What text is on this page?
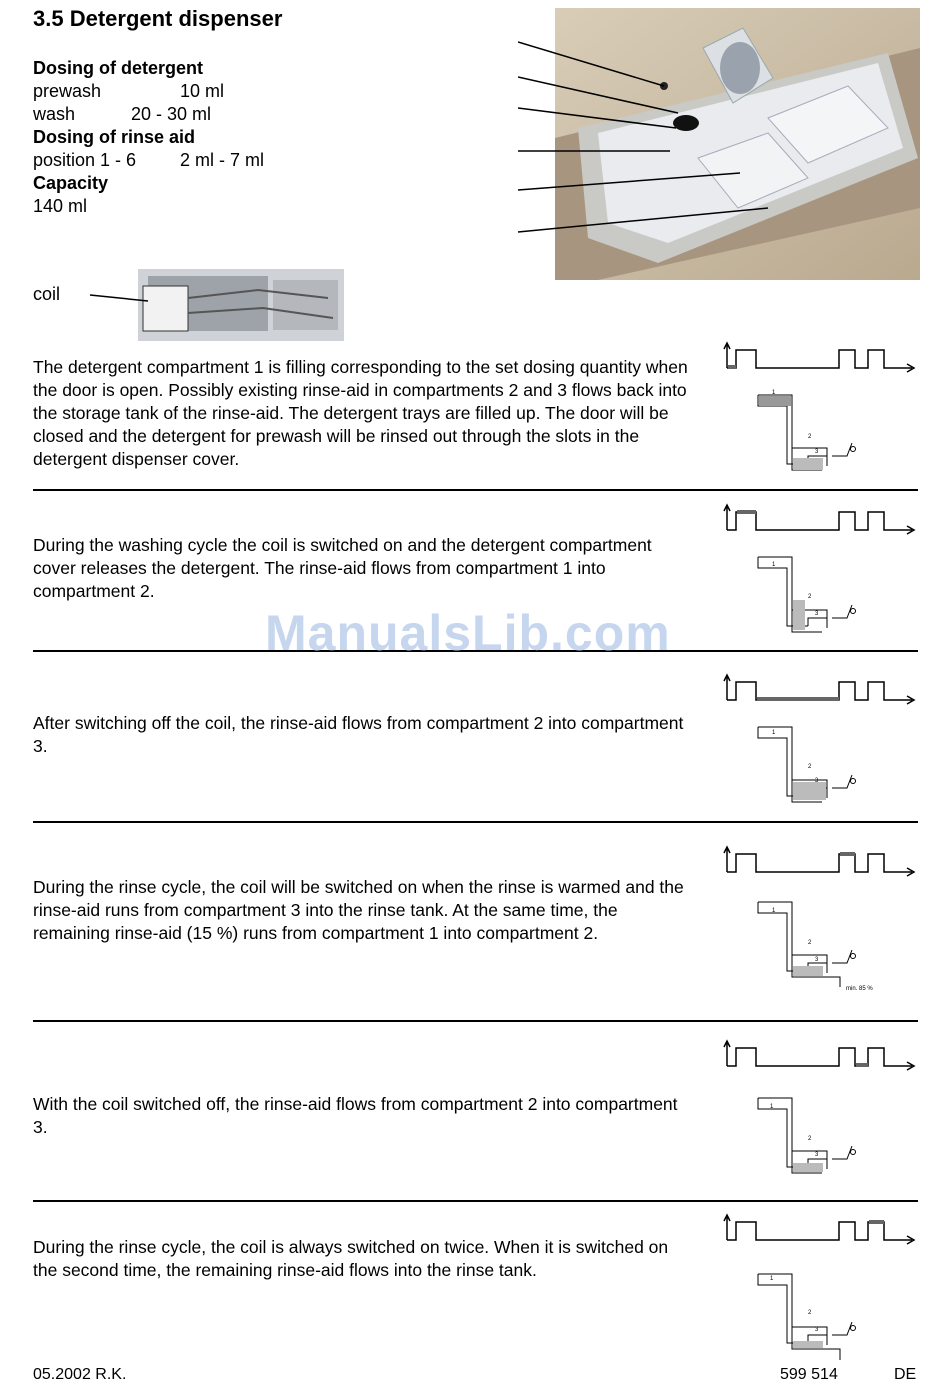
3.5 Detergent dispenser
Dosing of detergent
prewash	10 ml
wash	20 - 30 ml
Dosing of rinse aid
position 1 - 6 2 ml - 7 ml
Capacity
140 ml
coil
The detergent compartment 1 is filling corresponding to the set dosing quantity when the door is open. Possibly existing rinse-aid in compartments 2 and 3 flows back into the storage tank of the rinse-aid. The detergent trays are filled up. The door will be closed and the detergent for prewash will be rinsed out through the slots in the detergent dispenser cover.
During the washing cycle the coil is switched on and the detergent compartment cover releases the detergent. The rinse-aid flows from compartment 1 into compartment 2.
After switching off the coil, the rinse-aid flows from compartment 2 into compartment 3.
During the rinse cycle, the coil will be switched on when the rinse is warmed and the rinse-aid runs from compartment 3 into the rinse tank. At the same time, the remaining rinse-aid (15 %) runs from compartment 1 into compartment 2.
With the coil switched off, the rinse-aid flows from compartment 2 into compartment 3.
During the rinse cycle, the coil is always switched on twice. When it is switched on the second time, the remaining rinse-aid flows into the rinse tank.
1
2
3
1
2
3
1
2
3
1
2
3
min. 85 %
1
2
3
1
2
3
ManualsLib.com
05.2002 R.K.	599 514	DE
